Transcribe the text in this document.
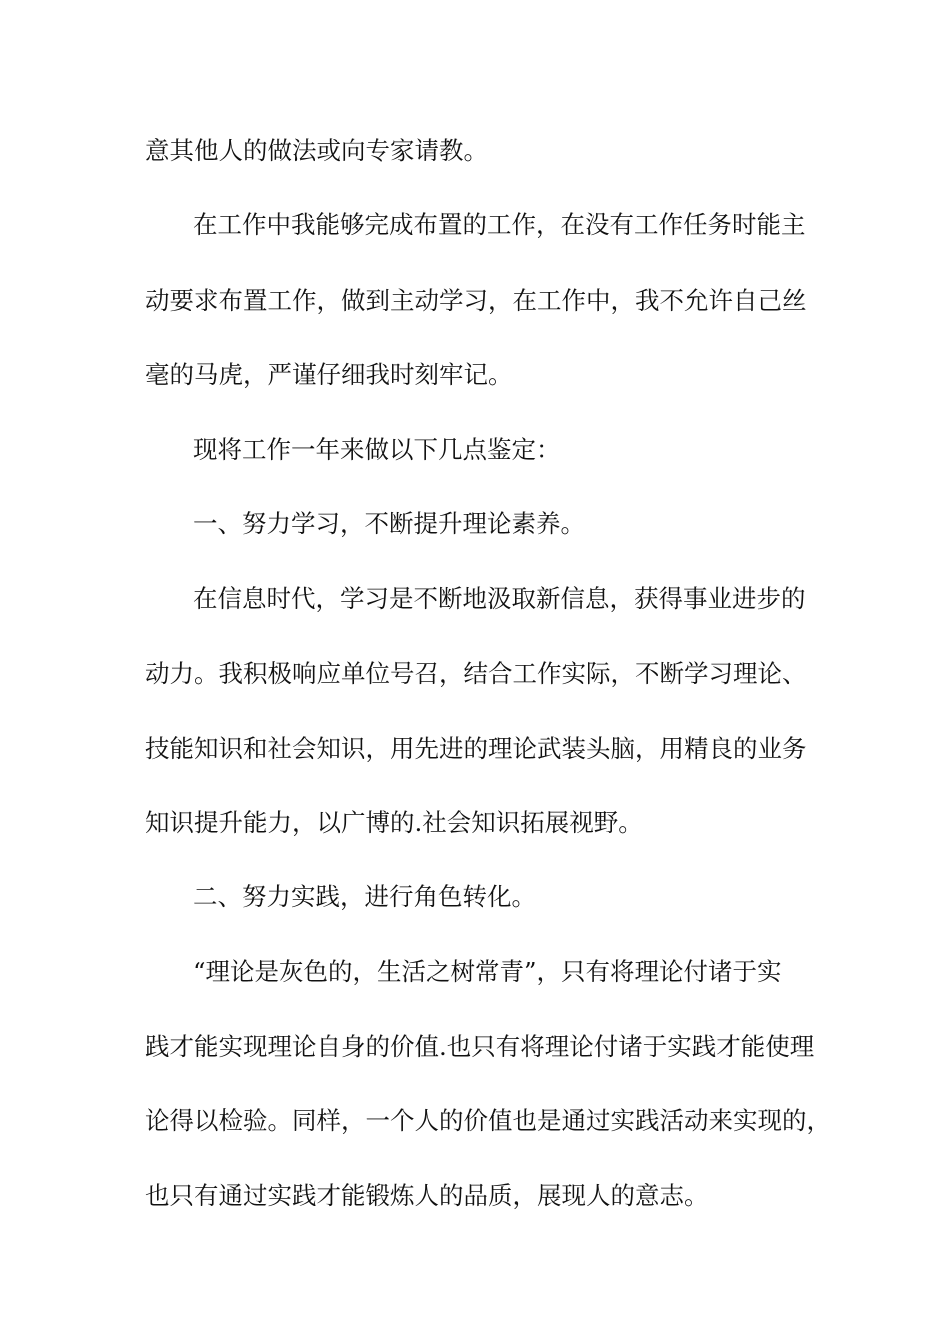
意其他人的做法或向专家请教。
在工作中我能够完成布置的工作，在没有工作任务时能主
动要求布置工作，做到主动学习，在工作中，我不允许自己丝
毫的马虎，严谨仔细我时刻牢记。
现将工作一年来做以下几点鉴定：
一、努力学习，不断提升理论素养。
在信息时代，学习是不断地汲取新信息，获得事业进步的
动力。我积极响应单位号召，结合工作实际，不断学习理论、
技能知识和社会知识，用先进的理论武装头脑，用精良的业务
知识提升能力，以广博的.社会知识拓展视野。
二、努力实践，进行角色转化。
“理论是灰色的，生活之树常青”，只有将理论付诸于实
践才能实现理论自身的价值.也只有将理论付诸于实践才能使理
论得以检验。同样，一个人的价值也是通过实践活动来实现的，
也只有通过实践才能锻炼人的品质，展现人的意志。
